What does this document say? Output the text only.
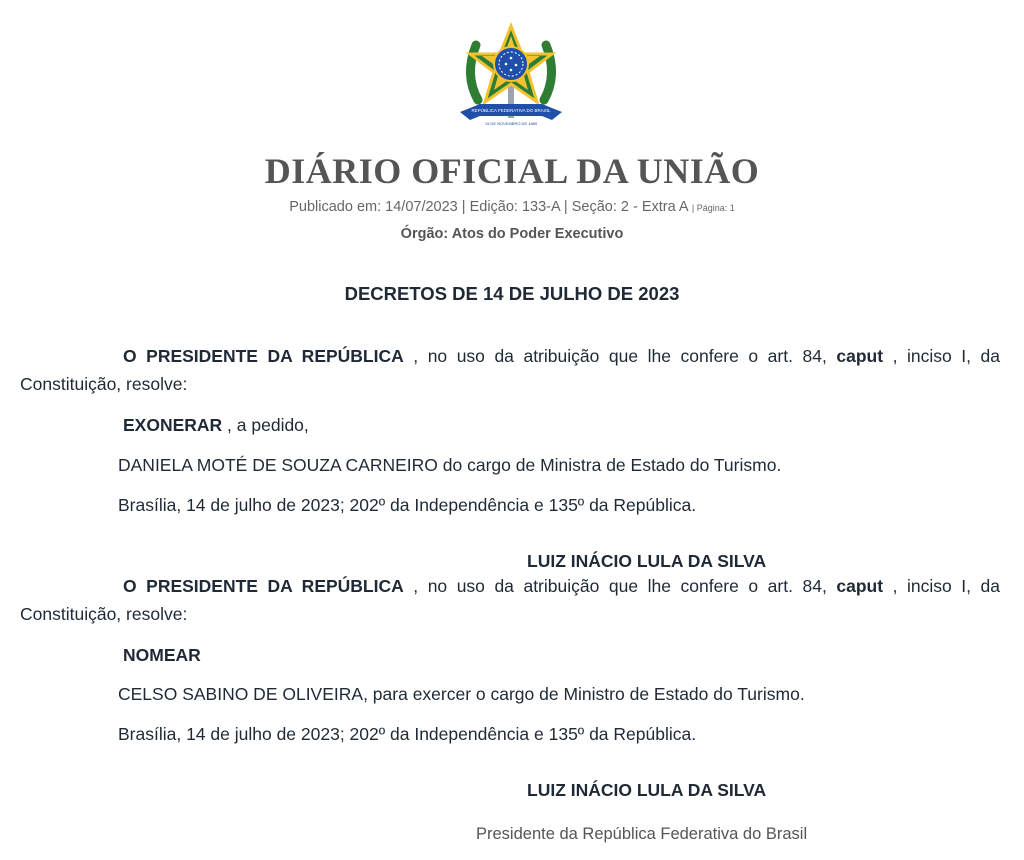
REPÚBLICA FEDERATIVA DO BRASIL
15 DE NOVEMBRO DE 1889
DIÁRIO OFICIAL DA UNIÃO
Publicado em: 14/07/2023 | Edição: 133-A | Seção: 2 - Extra A | Página: 1
Órgão: Atos do Poder Executivo
DECRETOS DE 14 DE JULHO DE 2023
O PRESIDENTE DA REPÚBLICA , no uso da atribuição que lhe confere o art. 84, caput , inciso I, da Constituição, resolve:
EXONERAR , a pedido,
DANIELA MOTÉ DE SOUZA CARNEIRO do cargo de Ministra de Estado do Turismo.
Brasília, 14 de julho de 2023; 202º da Independência e 135º da República.
LUIZ INÁCIO LULA DA SILVA
O PRESIDENTE DA REPÚBLICA , no uso da atribuição que lhe confere o art. 84, caput , inciso I, da Constituição, resolve:
NOMEAR
CELSO SABINO DE OLIVEIRA, para exercer o cargo de Ministro de Estado do Turismo.
Brasília, 14 de julho de 2023; 202º da Independência e 135º da República.
LUIZ INÁCIO LULA DA SILVA
Presidente da República Federativa do Brasil
